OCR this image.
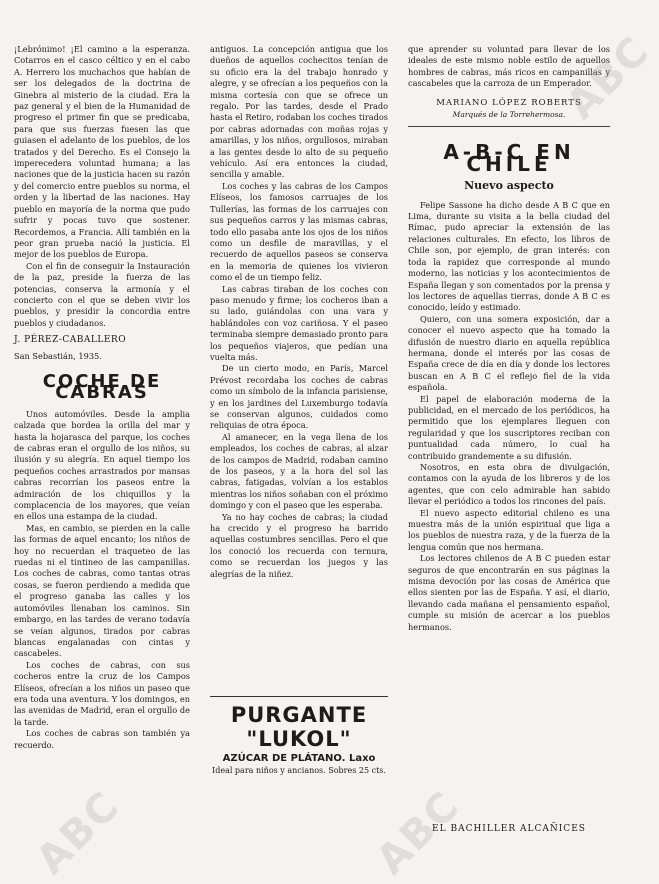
¡Lebrónimo! ¡El camino a la esperanza. Cotarros en el casco céltico y en el cabo A. Herrero los muchachos que habían de ser los delegados de la doctrina de Ginebra al misterio de la ciudad. Era la paz general y el bien de la Humanidad de progreso el primer fin que se predicaba, para que sus fuerzas fuesen las que guiasen el adelanto de los pueblos, de los tratados y del Derecho. Es el Consejo la imperecedera voluntad humana; a las naciones que de la justicia hacen su razón y del comercio entre pueblos su norma, el orden y la libertad de las naciones. Hay pueblo en mayoría de la norma que pudo sufrir y pocas tuvo que sostener. Recordemos, a Francia. Allí también en la peor gran prueba nació la justicia. El mejor de los pueblos de Europa.

Con el fin de conseguir la Instauración de la paz, preside la fuerza de las potencias, conserva la armonía y el concierto con el que se deben vivir los pueblos, y presidir la concordia entre pueblos y ciudadanos.

J. PÉREZ-CABALLERO

San Sebastián, 1935.

COCHE DE CABRAS

Unos automóviles. Desde la amplia calzada que bordea la orilla del mar y hasta la hojarasca del parque, los coches de cabras eran el orgullo de los niños, su ilusión y su alegría. En aquel tiempo los pequeños coches arrastrados por mansas cabras recorrían los paseos entre la admiración de los chiquillos y la complacencia de los mayores, que veían en ellos una estampa de la ciudad.

Mas, en cambio, se pierden en la calle las formas de aquel encanto; los niños de hoy no recuerdan el traqueteo de las ruedas ni el tintineo de las campanillas. Los coches de cabras, como tantas otras cosas, se fueron perdiendo a medida que el progreso ganaba las calles y los automóviles llenaban los caminos. Sin embargo, en las tardes de verano todavía se veían algunos, tirados por cabras blancas engalanadas con cintas y cascabeles.

Los coches de cabras, con sus cocheros entre la cruz de los Campos Elíseos, ofrecían a los niños un paseo que era toda una aventura. Y los domingos, en las avenidas de Madrid, eran el orgullo de la tarde.

Los coches de cabras son también ya recuerdo.

antiguos. La concepción antigua que los dueños de aquellos cochecitos tenían de su oficio era la del trabajo honrado y alegre, y se ofrecían a los pequeños con la misma cortesía con que se ofrece un regalo. Por las tardes, desde el Prado hasta el Retiro, rodaban los coches tirados por cabras adornadas con moñas rojas y amarillas, y los niños, orgullosos, miraban a las gentes desde lo alto de su pequeño vehículo. Así era entonces la ciudad, sencilla y amable.

Los coches y las cabras de los Campos Elíseos, los famosos carruajes de los Tullerías, las formas de los carruajes con sus pequeños carros y las mismas cabras, todo ello pasaba ante los ojos de los niños como un desfile de maravillas, y el recuerdo de aquellos paseos se conserva en la memoria de quienes los vivieron como el de un tiempo feliz.

Las cabras tiraban de los coches con paso menudo y firme; los cocheros iban a su lado, guiándolas con una vara y hablándoles con voz cariñosa. Y el paseo terminaba siempre demasiado pronto para los pequeños viajeros, que pedían una vuelta más.

De un cierto modo, en París, Marcel Prévost recordaba los coches de cabras como un símbolo de la infancia parisiense, y en los jardines del Luxemburgo todavía se conservan algunos, cuidados como reliquias de otra época.

Al amanecer, en la vega llena de los empleados, los coches de cabras, al alzar de los campos de Madrid, rodaban camino de los paseos, y a la hora del sol las cabras, fatigadas, volvían a los establos mientras los niños soñaban con el próximo domingo y con el paseo que les esperaba.

Ya no hay coches de cabras; la ciudad ha crecido y el progreso ha barrido aquellas costumbres sencillas. Pero el que los conoció los recuerda con ternura, como se recuerdan los juegos y las alegrías de la niñez.

que aprender su voluntad para llevar de los ideales de este mismo noble estilo de aquellos hombres de cabras, más ricos en campanillas y cascabeles que la carroza de un Emperador.

MARIANO LÓPEZ ROBERTS
Marqués de la Torrehermosa.
A-B-C EN CHILE
Nuevo aspecto

Felipe Sassone ha dicho desde A B C que en Lima, durante su visita a la bella ciudad del Rímac, pudo apreciar la extensión de las relaciones culturales. En efecto, los libros de Chile son, por ejemplo, de gran interés: con toda la rapidez que corresponde al mundo moderno, las noticias y los acontecimientos de España llegan y son comentados por la prensa y los lectores de aquellas tierras, donde A B C es conocido, leído y estimado.

Quiero, con una somera exposición, dar a conocer el nuevo aspecto que ha tomado la difusión de nuestro diario en aquella república hermana, donde el interés por las cosas de España crece de día en día y donde los lectores buscan en A B C el reflejo fiel de la vida española.

El papel de elaboración moderna de la publicidad, en el mercado de los periódicos, ha permitido que los ejemplares lleguen con regularidad y que los suscriptores reciban con puntualidad cada número, lo cual ha contribuido grandemente a su difusión.

Nosotros, en esta obra de divulgación, contamos con la ayuda de los libreros y de los agentes, que con celo admirable han sabido llevar el periódico a todos los rincones del país.

El nuevo aspecto editorial chileno es una muestra más de la unión espiritual que liga a los pueblos de nuestra raza, y de la fuerza de la lengua común que nos hermana.

Los lectores chilenos de A B C pueden estar seguros de que encontrarán en sus páginas la misma devoción por las cosas de América que ellos sienten por las de España. Y así, el diario, llevando cada mañana el pensamiento español, cumple su misión de acercar a los pueblos hermanos.

PURGANTE "LUKOL"
AZÚCAR DE PLÁTANO. Laxo
Ideal para niños y ancianos. Sobres 25 cts.
EL BACHILLER ALCAÑICES
ABC	ABC
ABC
